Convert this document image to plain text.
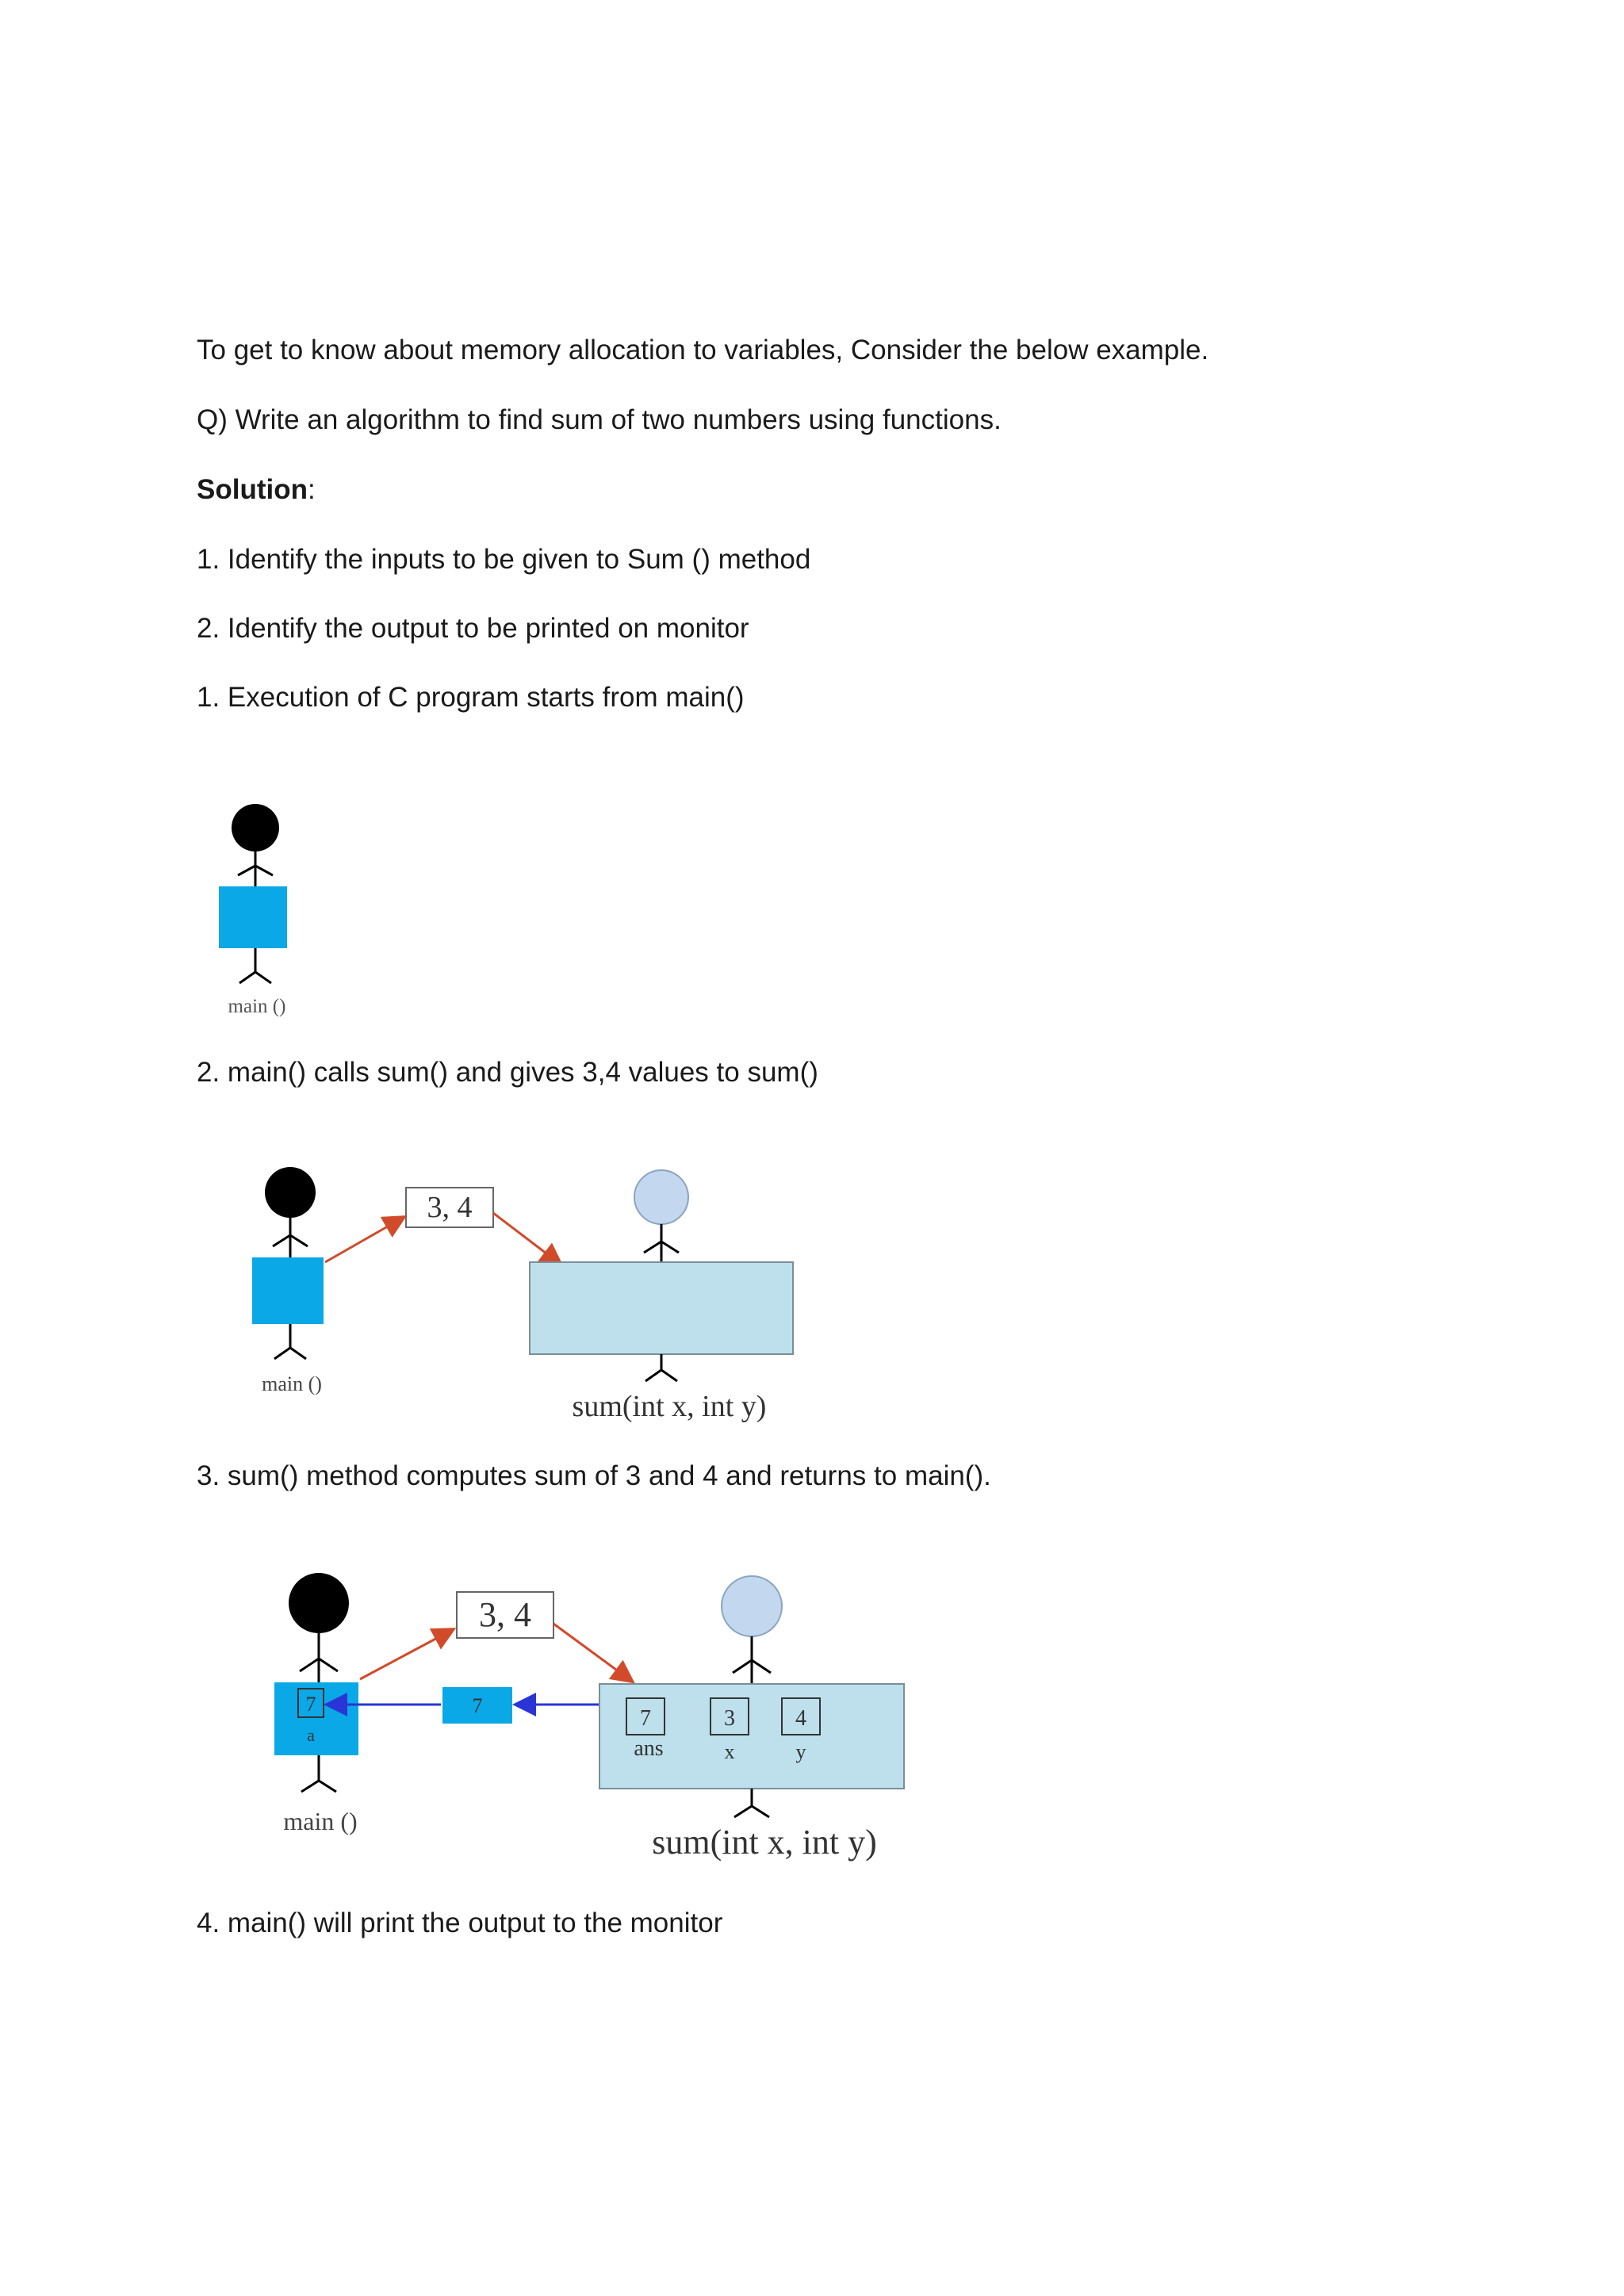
To get to know about memory allocation to variables, Consider the below example.

Q) Write an algorithm to find sum of two numbers using functions.

Solution:

1. Identify the inputs to be given to Sum () method

2. Identify the output to be printed on monitor

1. Execution of C program starts from main()

main ()

2. main() calls sum() and gives 3,4 values to sum()

main ()
3, 4
sum(int x, int y)

3. sum() method computes sum of 3 and 4 and returns to main().

7
a
main ()
3, 4
7
7
ans
3
x
4
y
sum(int x, int y)

4. main() will print the output to the monitor
